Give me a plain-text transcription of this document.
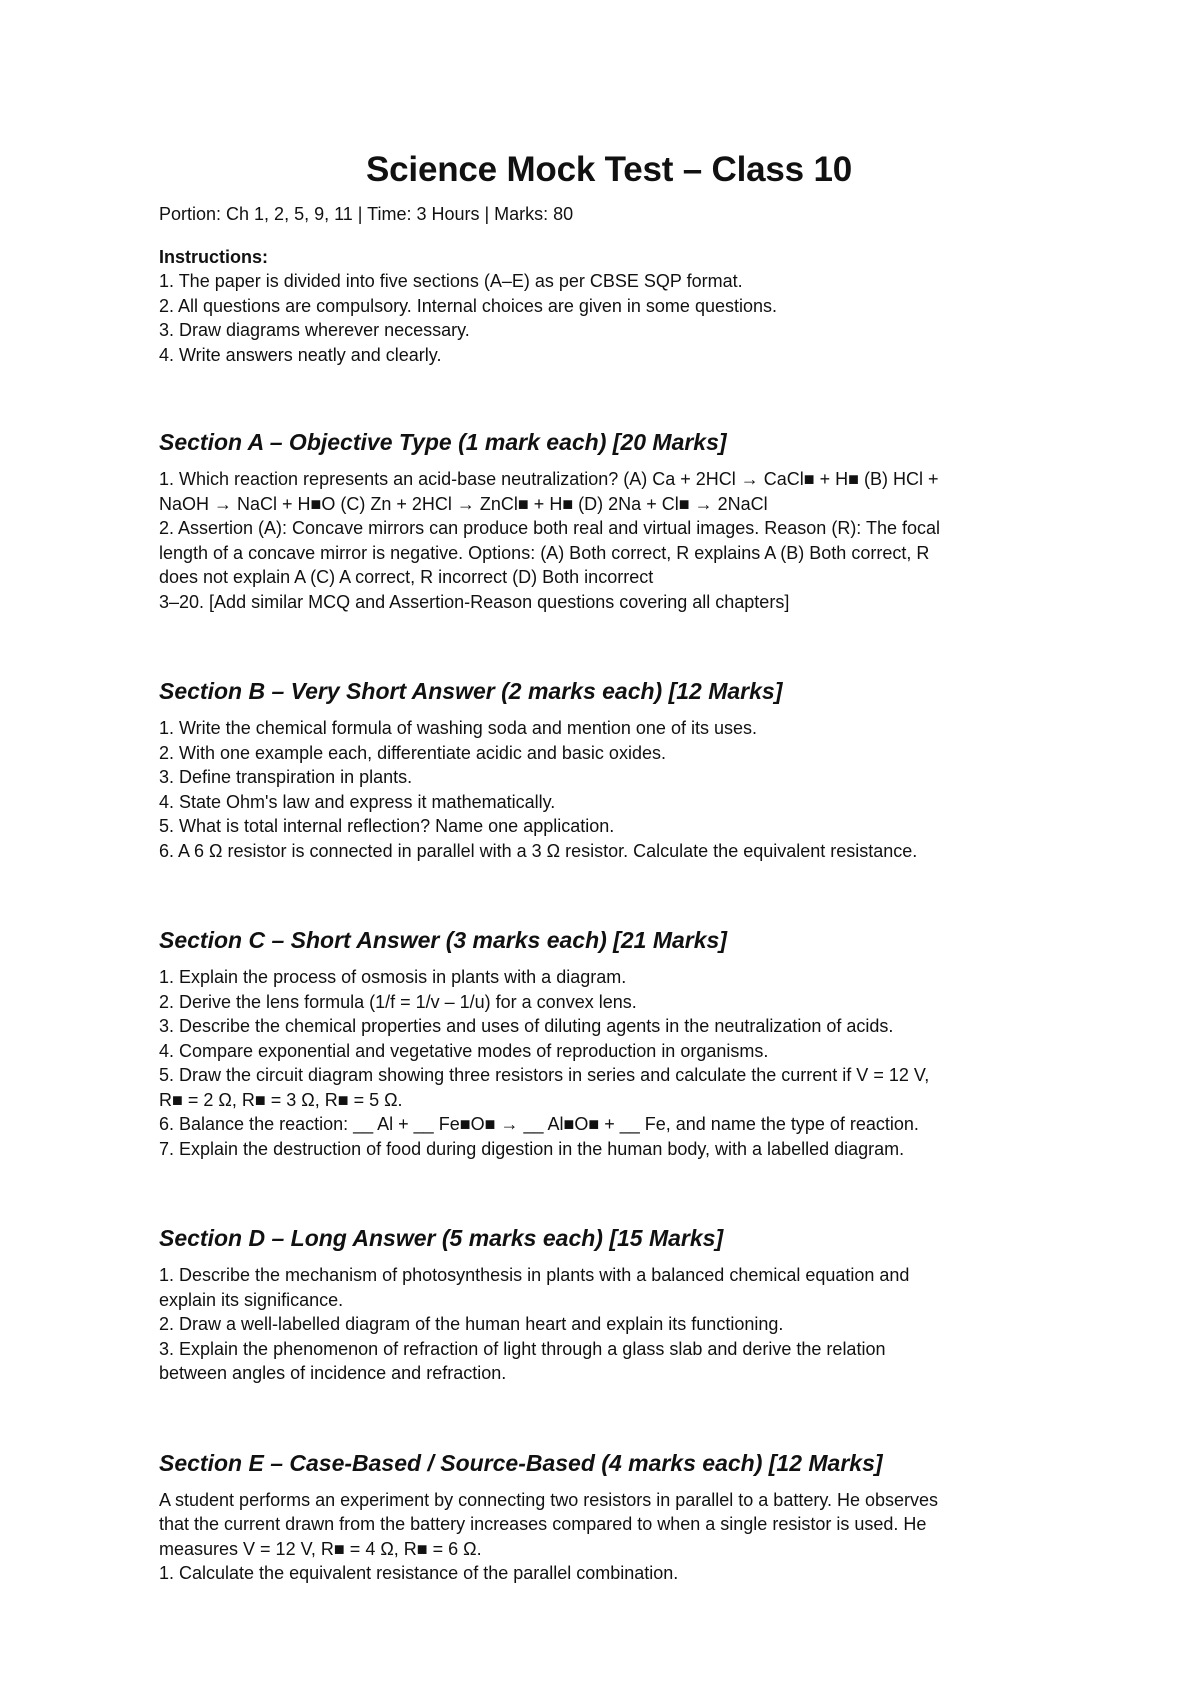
Science Mock Test – Class 10

Portion: Ch 1, 2, 5, 9, 11 | Time: 3 Hours | Marks: 80

Instructions:

1. The paper is divided into five sections (A–E) as per CBSE SQP format.

2. All questions are compulsory. Internal choices are given in some questions.

3. Draw diagrams wherever necessary.

4. Write answers neatly and clearly.

Section A – Objective Type (1 mark each) [20 Marks]

1. Which reaction represents an acid-base neutralization? (A) Ca + 2HCl → CaCl■ + H■ (B) HCl +

NaOH → NaCl + H■O (C) Zn + 2HCl → ZnCl■ + H■ (D) 2Na + Cl■ → 2NaCl

2. Assertion (A): Concave mirrors can produce both real and virtual images. Reason (R): The focal

length of a concave mirror is negative. Options: (A) Both correct, R explains A (B) Both correct, R

does not explain A (C) A correct, R incorrect (D) Both incorrect

3–20. [Add similar MCQ and Assertion-Reason questions covering all chapters]

Section B – Very Short Answer (2 marks each) [12 Marks]

1. Write the chemical formula of washing soda and mention one of its uses.

2. With one example each, differentiate acidic and basic oxides.

3. Define transpiration in plants.

4. State Ohm's law and express it mathematically.

5. What is total internal reflection? Name one application.

6. A 6 Ω resistor is connected in parallel with a 3 Ω resistor. Calculate the equivalent resistance.

Section C – Short Answer (3 marks each) [21 Marks]

1. Explain the process of osmosis in plants with a diagram.

2. Derive the lens formula (1/f = 1/v – 1/u) for a convex lens.

3. Describe the chemical properties and uses of diluting agents in the neutralization of acids.

4. Compare exponential and vegetative modes of reproduction in organisms.

5. Draw the circuit diagram showing three resistors in series and calculate the current if V = 12 V,

R■ = 2 Ω, R■ = 3 Ω, R■ = 5 Ω.

6. Balance the reaction: __ Al + __ Fe■O■ → __ Al■O■ + __ Fe, and name the type of reaction.

7. Explain the destruction of food during digestion in the human body, with a labelled diagram.

Section D – Long Answer (5 marks each) [15 Marks]

1. Describe the mechanism of photosynthesis in plants with a balanced chemical equation and

explain its significance.

2. Draw a well-labelled diagram of the human heart and explain its functioning.

3. Explain the phenomenon of refraction of light through a glass slab and derive the relation

between angles of incidence and refraction.

Section E – Case-Based / Source-Based (4 marks each) [12 Marks]

A student performs an experiment by connecting two resistors in parallel to a battery. He observes

that the current drawn from the battery increases compared to when a single resistor is used. He

measures V = 12 V, R■ = 4 Ω, R■ = 6 Ω.

1. Calculate the equivalent resistance of the parallel combination.
